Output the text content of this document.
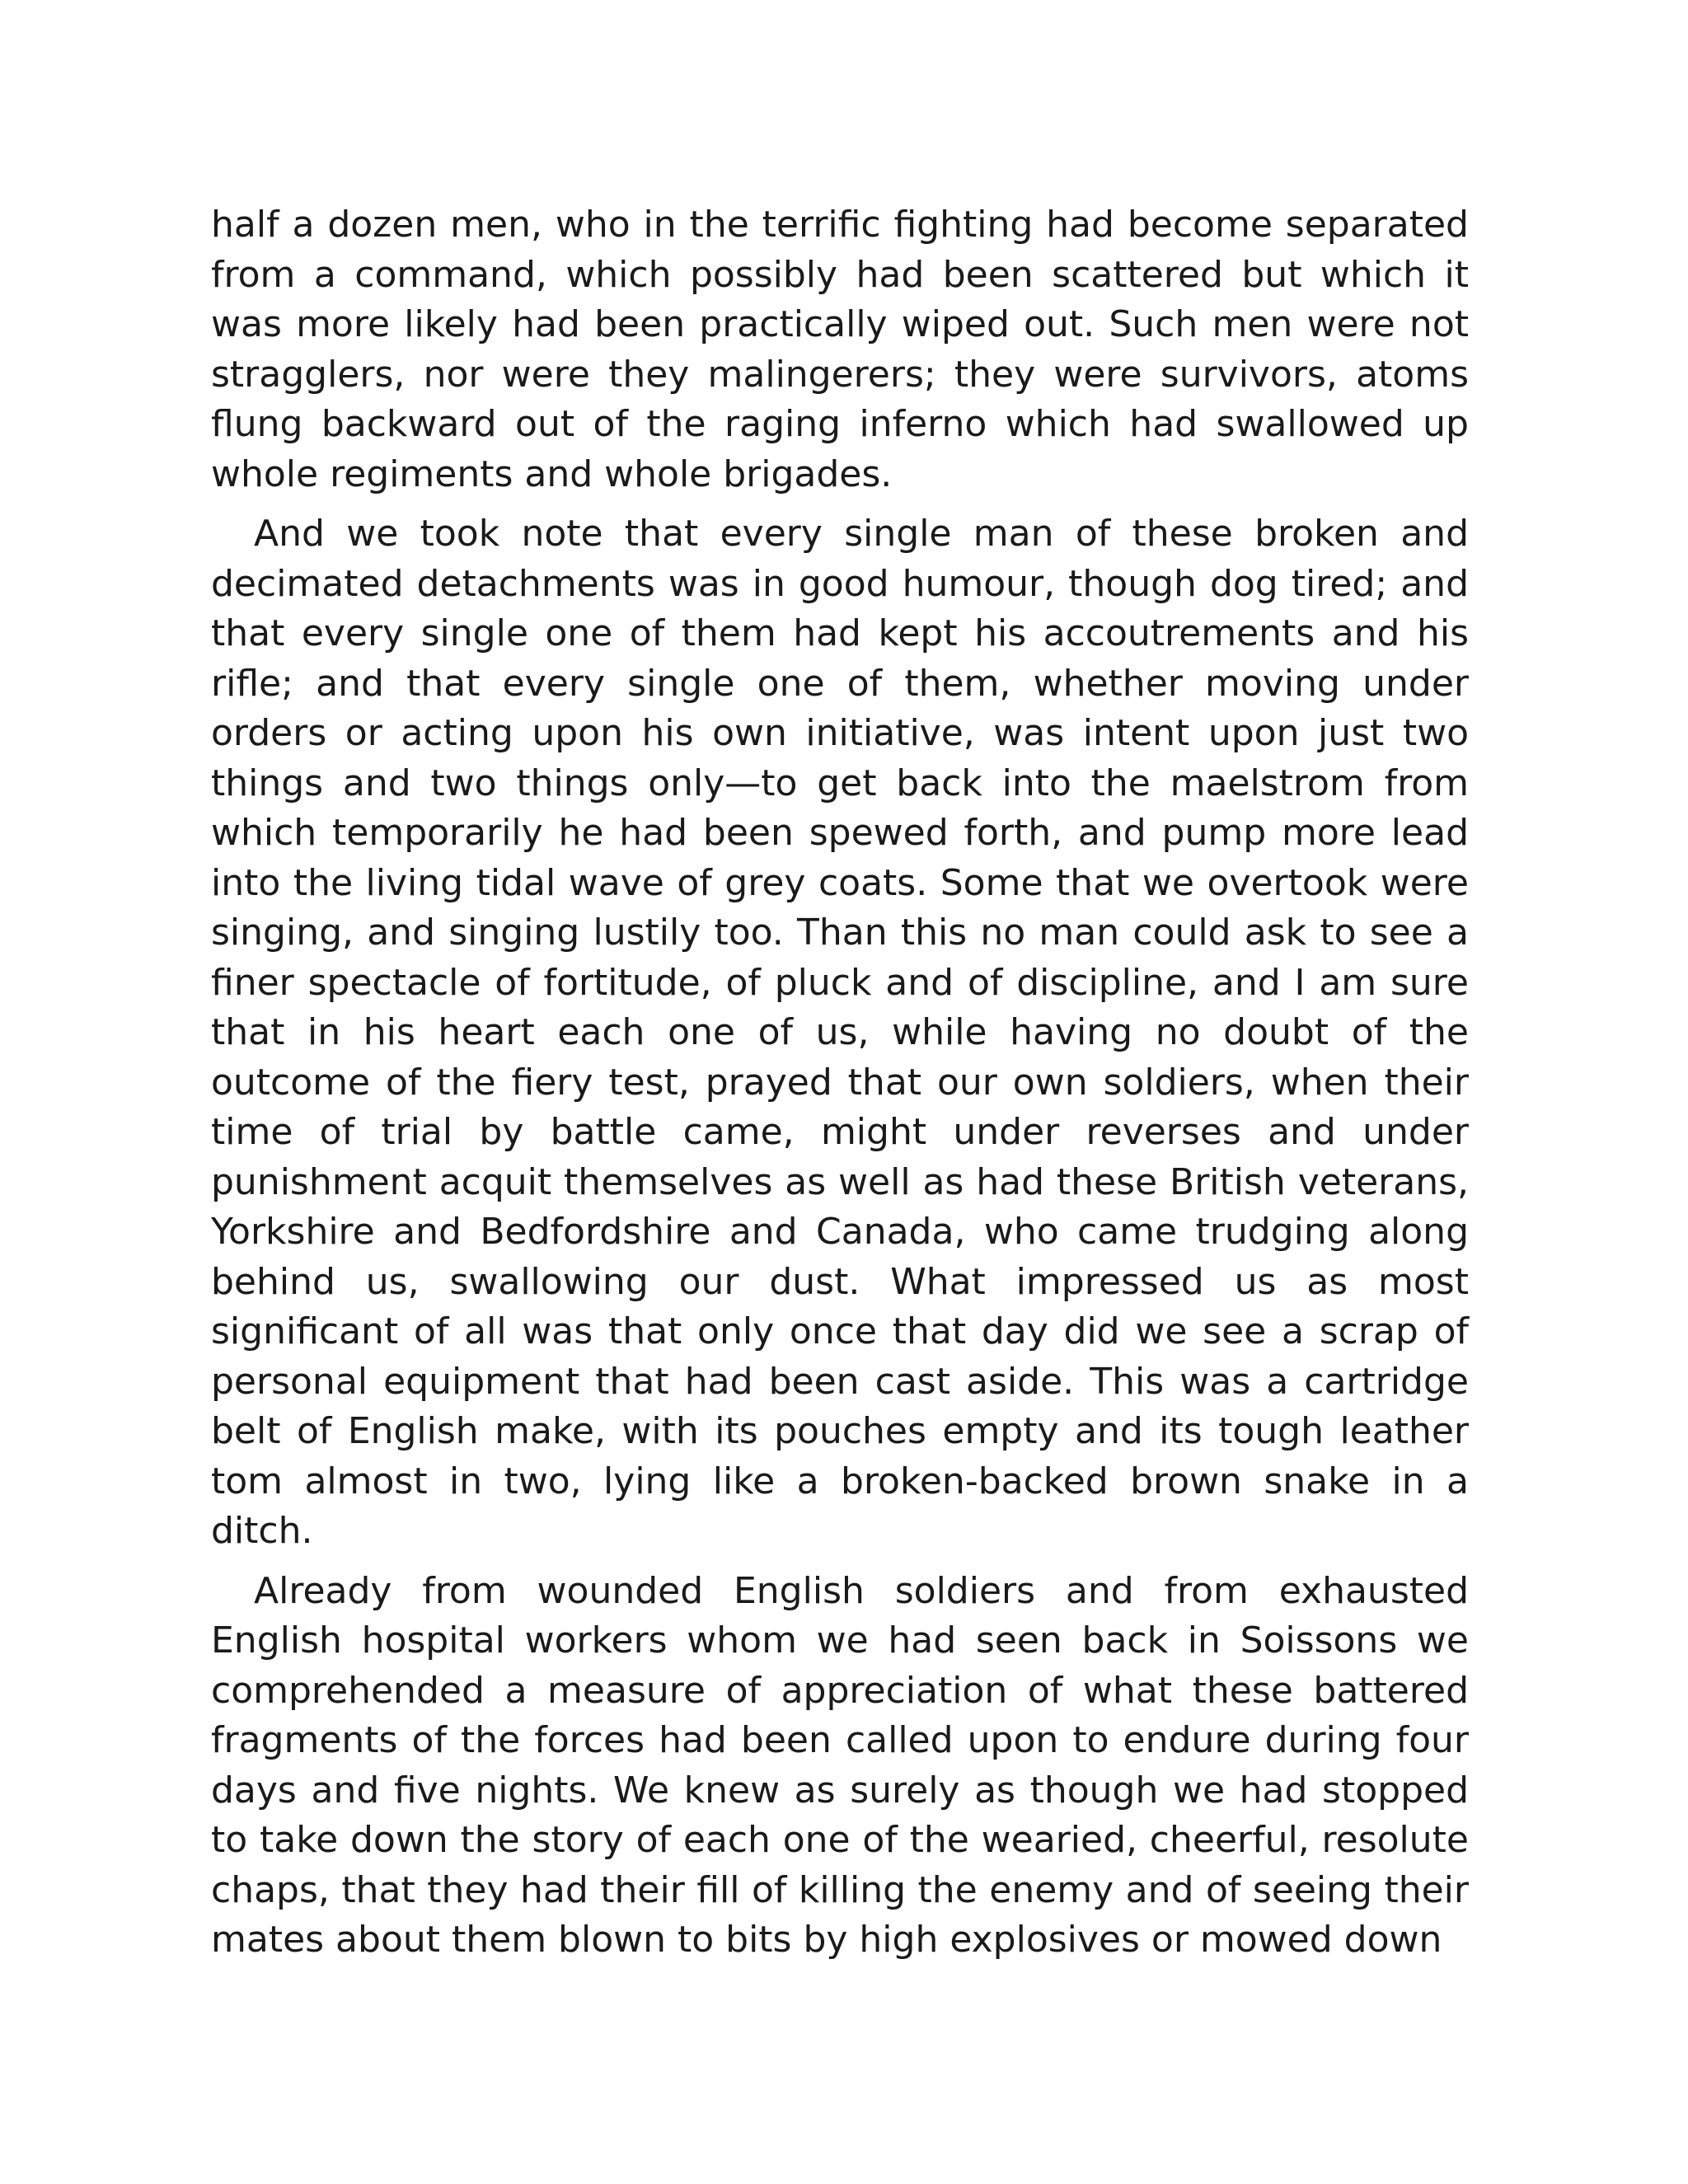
half a dozen men, who in the terrific fighting had become separated from a command, which possibly had been scattered but which it was more likely had been practically wiped out. Such men were not stragglers, nor were they malingerers; they were survivors, atoms flung backward out of the raging inferno which had swallowed up whole regiments and whole brigades.

And we took note that every single man of these broken and decimated detachments was in good humour, though dog tired; and that every single one of them had kept his accoutrements and his rifle; and that every single one of them, whether moving under orders or acting upon his own initiative, was intent upon just two things and two things only—to get back into the maelstrom from which temporarily he had been spewed forth, and pump more lead into the living tidal wave of grey coats. Some that we overtook were singing, and singing lustily too. Than this no man could ask to see a finer spectacle of fortitude, of pluck and of discipline, and I am sure that in his heart each one of us, while having no doubt of the outcome of the fiery test, prayed that our own soldiers, when their time of trial by battle came, might under reverses and under punishment acquit themselves as well as had these British veterans, Yorkshire and Bedfordshire and Canada, who came trudging along behind us, swallowing our dust. What impressed us as most significant of all was that only once that day did we see a scrap of personal equipment that had been cast aside. This was a cartridge belt of English make, with its pouches empty and its tough leather tom almost in two, lying like a broken-backed brown snake in a ditch.

Already from wounded English soldiers and from exhausted English hospital workers whom we had seen back in Soissons we comprehended a measure of appreciation of what these battered fragments of the forces had been called upon to endure during four days and five nights. We knew as surely as though we had stopped to take down the story of each one of the wearied, cheerful, resolute chaps, that they had their fill of killing the enemy and of seeing their mates about them blown to bits by high explosives or mowed down
